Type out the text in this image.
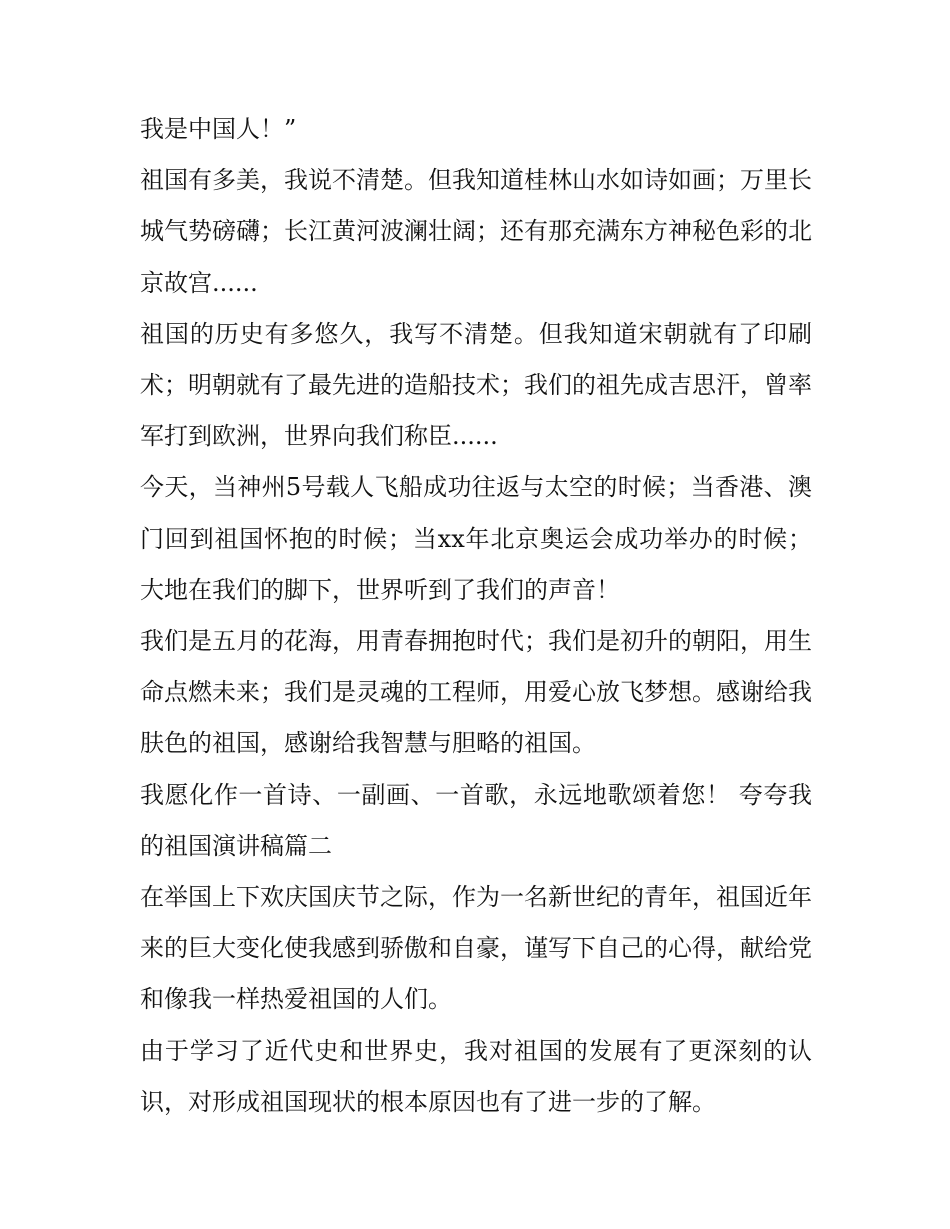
我是中国人！”

祖国有多美，我说不清楚。但我知道桂林山水如诗如画；万里长城气势磅礴；长江黄河波澜壮阔；还有那充满东方神秘色彩的北京故宫......

祖国的历史有多悠久，我写不清楚。但我知道宋朝就有了印刷术；明朝就有了最先进的造船技术；我们的祖先成吉思汗，曾率军打到欧洲，世界向我们称臣......

今天，当神州5号载人飞船成功往返与太空的时候；当香港、澳门回到祖国怀抱的时候；当xx年北京奥运会成功举办的时候；大地在我们的脚下，世界听到了我们的声音！

我们是五月的花海，用青春拥抱时代；我们是初升的朝阳，用生命点燃未来；我们是灵魂的工程师，用爱心放飞梦想。感谢给我肤色的祖国，感谢给我智慧与胆略的祖国。

我愿化作一首诗、一副画、一首歌，永远地歌颂着您！ 夸夸我的祖国演讲稿篇二

在举国上下欢庆国庆节之际，作为一名新世纪的青年，祖国近年来的巨大变化使我感到骄傲和自豪，谨写下自己的心得，献给党和像我一样热爱祖国的人们。

由于学习了近代史和世界史，我对祖国的发展有了更深刻的认识，对形成祖国现状的根本原因也有了进一步的了解。
